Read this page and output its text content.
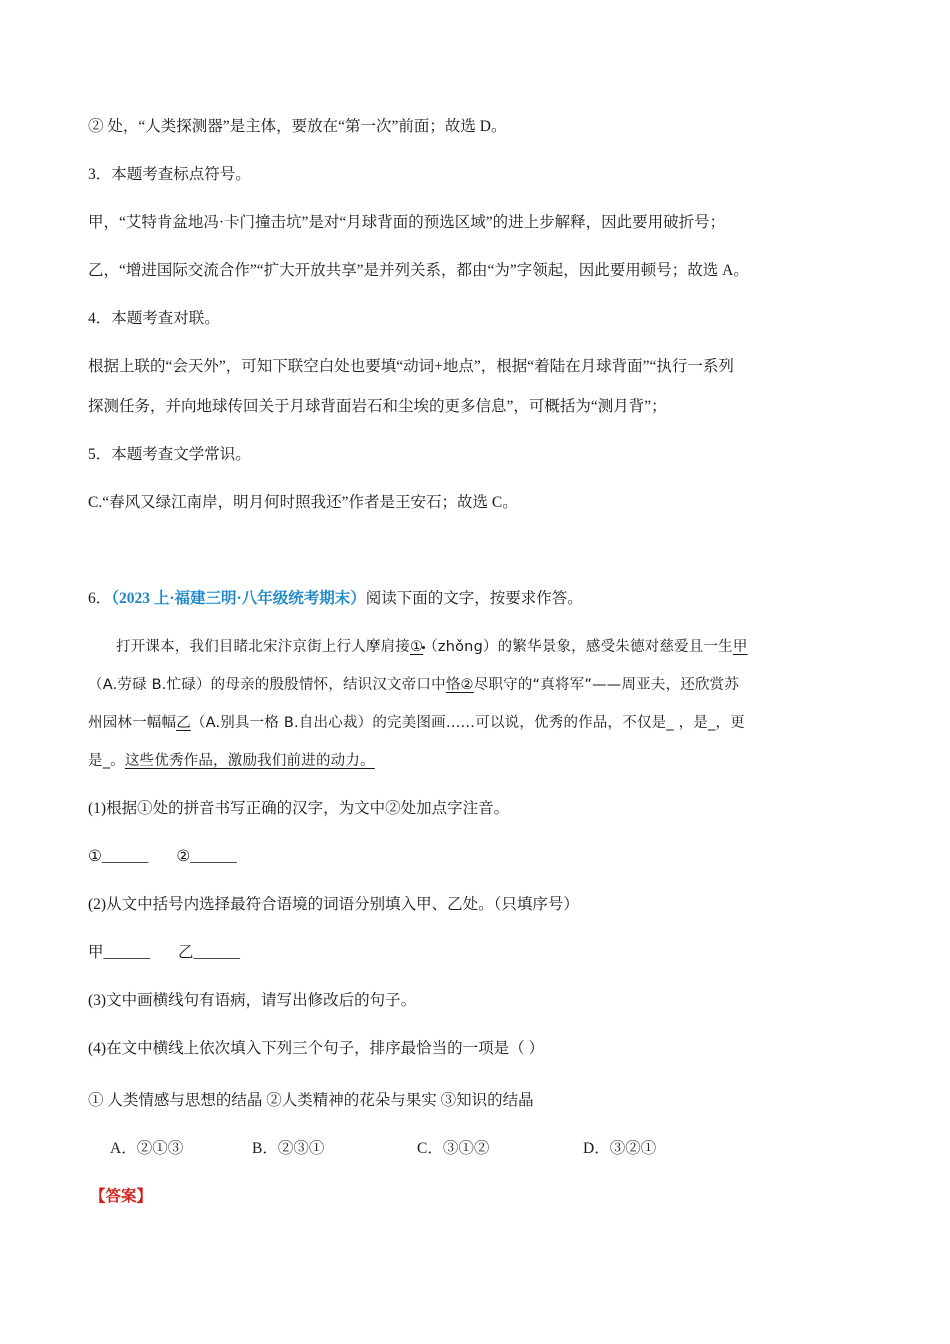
② 处，“人类探测器”是主体，要放在“第一次”前面；故选 D。
3．本题考查标点符号。
甲，“艾特肯盆地冯·卡门撞击坑”是对“月球背面的预选区域”的进上步解释，因此要用破折号；
乙，“增进国际交流合作”“扩大开放共享”是并列关系，都由“为”字领起，因此要用顿号；故选 A。
4．本题考查对联。
根据上联的“会天外”，可知下联空白处也要填“动词+地点”，根据“着陆在月球背面”“执行一系列
探测任务，并向地球传回关于月球背面岩石和尘埃的更多信息”，可概括为“测月背”；
5．本题考查文学常识。
C.“春风又绿江南岸，明月何时照我还”作者是王安石；故选 C。
6．（2023 上·福建三明·八年级统考期末）阅读下面的文字，按要求作答。
打开课本，我们目睹北宋汴京街上行人摩肩接①（zhǒng）的繁华景象，感受朱德对慈爱且一生甲
（A.劳碌 B.忙碌）的母亲的殷殷情怀，结识汉文帝口中恪②尽职守的“真将军”——周亚夫，还欣赏苏
州园林一幅幅乙（A.别具一格 B.自出心裁）的完美图画……可以说，优秀的作品，不仅是_ ，是_，更
是_。这些优秀作品，激励我们前进的动力。
(1)根据①处的拼音书写正确的汉字，为文中②处加点字注音。
①______ ②______
(2)从文中括号内选择最符合语境的词语分别填入甲、乙处。（只填序号）
甲______ 乙______
(3)文中画横线句有语病，请写出修改后的句子。
(4)在文中横线上依次填入下列三个句子，排序最恰当的一项是（ ）
① 人类情感与思想的结晶 ②人类精神的花朵与果实 ③知识的结晶
A．②①③	B．②③①	C．③①②	D．③②①
【答案】
